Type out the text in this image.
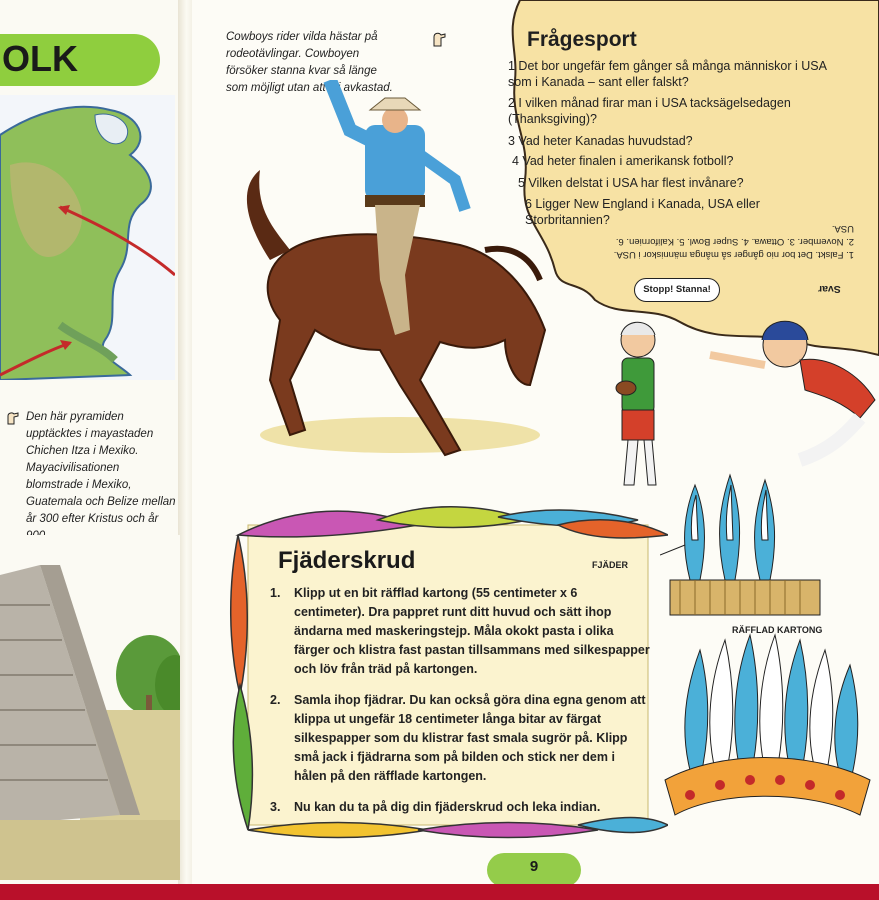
OLK
Den här pyramiden upptäcktes i mayastaden Chichen Itza i Mexiko. Mayacivilisationen blomstrade i Mexiko, Guatemala och Belize mellan år 300 efter Kristus och år
Cowboys rider vilda hästar på rodeotävlingar. Cowboyen försöker stanna kvar så länge som möjligt utan att bli avkastad.
Frågesport
1 Det bor ungefär fem gånger så många människor i USA som i Kanada – sant eller falskt?
2 I vilken månad firar man i USA tacksägelsedagen (Thanksgiving)?
3 Vad heter Kanadas huvudstad?
4 Vad heter finalen i amerikansk fotboll?
5 Vilken delstat i USA har flest invånare?
6 Ligger New England i Kanada, USA eller Storbritannien?
1. Falskt. Det bor nio gånger så många människor i USA. 2. November. 3. Ottawa. 4. Super Bowl. 5. Kalifornien. 6. USA.
Svar
Stopp! Stanna!
Fjäderskrud
1. Klipp ut en bit räfflad kartong (55 centimeter x 6 centimeter). Dra pappret runt ditt huvud och sätt ihop ändarna med maskeringstejp. Måla okokt pasta i olika färger och klistra fast pastan tillsammans med silkespapper och löv från träd på kartongen.
2. Samla ihop fjädrar. Du kan också göra dina egna genom att klippa ut ungefär 18 centimeter långa bitar av färgat silkespapper som du klistrar fast smala sugrör på. Klipp små jack i fjädrarna som på bilden och stick ner dem i hålen på den räfflade kartongen.
3. Nu kan du ta på dig din fjäderskrud och leka indian.
FJÄDER
RÄFFLAD KARTONG
9
